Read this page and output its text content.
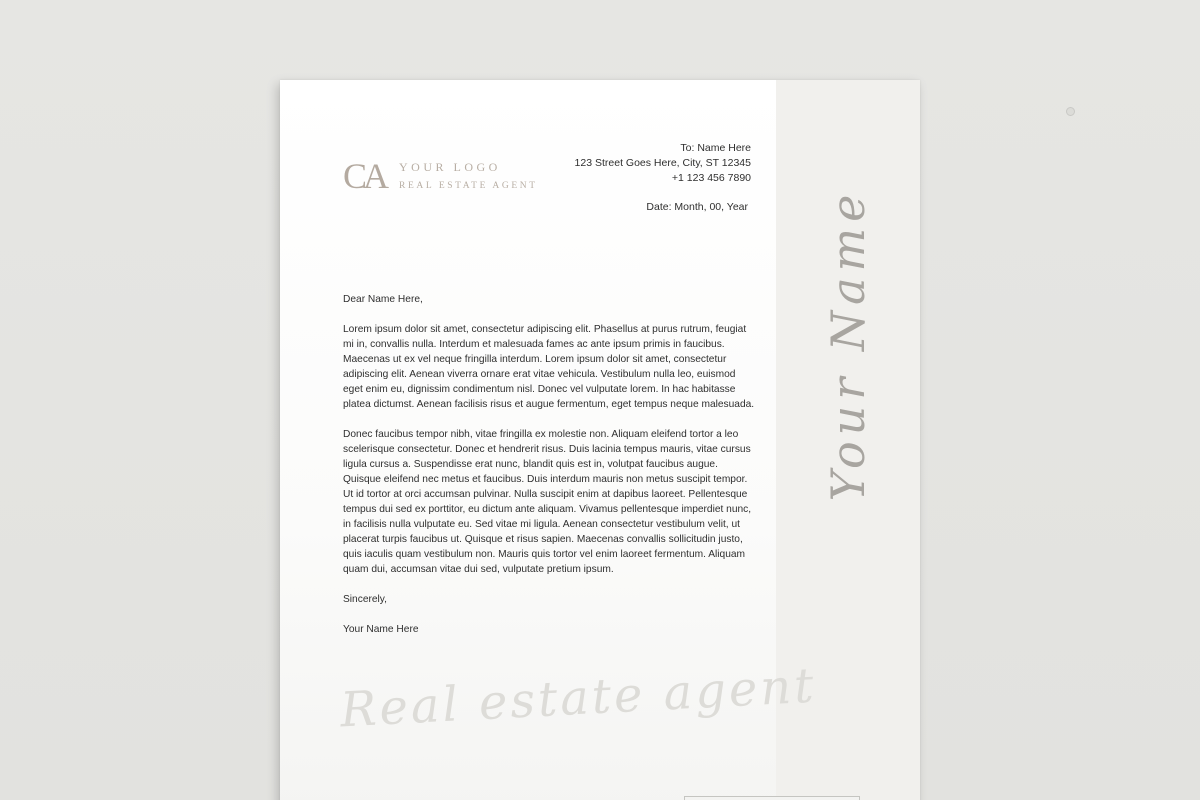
Your Name
CA YOUR LOGO
REAL ESTATE AGENT
To: Name Here
123 Street Goes Here, City, ST 12345
+1 123 456 7890
Date: Month, 00, Year

Dear Name Here,

Lorem ipsum dolor sit amet, consectetur adipiscing elit. Phasellus at purus rutrum, feugiat mi in, convallis nulla. Interdum et malesuada fames ac ante ipsum primis in faucibus. Maecenas ut ex vel neque fringilla interdum. Lorem ipsum dolor sit amet, consectetur adipiscing elit. Aenean viverra ornare erat vitae vehicula. Vestibulum nulla leo, euismod eget enim eu, dignissim condimentum nisl. Donec vel vulputate lorem. In hac habitasse platea dictumst. Aenean facilisis risus et augue fermentum, eget tempus neque malesuada.

Donec faucibus tempor nibh, vitae fringilla ex molestie non. Aliquam eleifend tortor a leo scelerisque consectetur. Donec et hendrerit risus. Duis lacinia tempus mauris, vitae cursus ligula cursus a. Suspendisse erat nunc, blandit quis est in, volutpat faucibus augue. Quisque eleifend nec metus et faucibus. Duis interdum mauris non metus suscipit tempor. Ut id tortor at orci accumsan pulvinar. Nulla suscipit enim at dapibus laoreet. Pellentesque tempus dui sed ex porttitor, eu dictum ante aliquam. Vivamus pellentesque imperdiet nunc, in facilisis nulla vulputate eu. Sed vitae mi ligula. Aenean consectetur vestibulum velit, ut placerat turpis faucibus ut. Quisque et risus sapien. Maecenas convallis sollicitudin justo, quis iaculis quam vestibulum non. Mauris quis tortor vel enim laoreet fermentum. Aliquam quam dui, accumsan vitae dui sed, vulputate pretium ipsum.

Sincerely,

Your Name Here

Real estate agent
